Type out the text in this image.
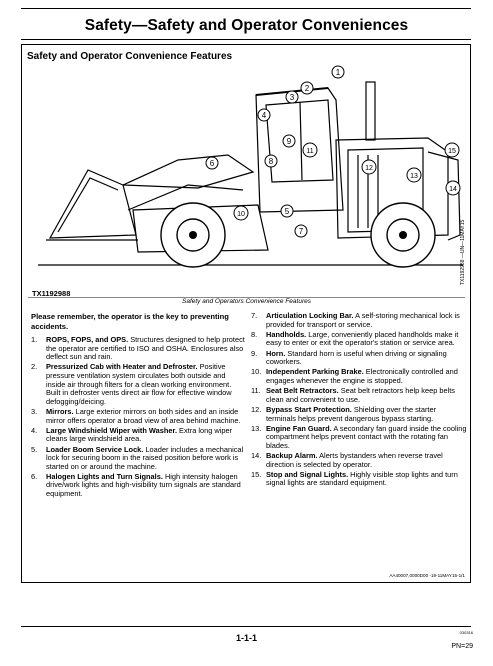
Safety—Safety and Operator Conveniences
Safety and Operator Convenience Features
1
2
3
4
5
6
7
8
9
10
11
12
13
14
15
TX1192988 —UN—11MAY15
TX1192988
Safety and Operators Convenience Features
Please remember, the operator is the key to preventing accidents.
1. ROPS, FOPS, and OPS. Structures designed to help protect the operator are certified to ISO and OSHA. Enclosures also deflect sun and rain.
2. Pressurized Cab with Heater and Defroster. Positive pressure ventilation system circulates both outside and inside air through filters for a clean working environment. Built in defroster vents direct air flow for effective window defogging/deicing.
3. Mirrors. Large exterior mirrors on both sides and an inside mirror offers operator a broad view of area behind machine.
4. Large Windshield Wiper with Washer. Extra long wiper cleans large windshield area.
5. Loader Boom Service Lock. Loader includes a mechanical lock for securing boom in the raised position before work is started on or around the machine.
6. Halogen Lights and Turn Signals. High intensity halogen drive/work lights and high-visibility turn signals are standard equipment.
7. Articulation Locking Bar. A self-storing mechanical lock is provided for transport or service.
8. Handholds. Large, conveniently placed handholds make it easy to enter or exit the operator's station or service area.
9. Horn. Standard horn is useful when driving or signaling coworkers.
10. Independent Parking Brake. Electronically controlled and engages whenever the engine is stopped.
11. Seat Belt Retractors. Seat belt retractors help keep belts clean and convenient to use.
12. Bypass Start Protection. Shielding over the starter terminals helps prevent dangerous bypass starting.
13. Engine Fan Guard. A secondary fan guard inside the cooling compartment helps prevent contact with the rotating fan blades.
14. Backup Alarm. Alerts bystanders when reverse travel direction is selected by operator.
15. Stop and Signal Lights. Highly visible stop lights and turn signal lights are standard equipment.
AA40007,0000D00 -19-11MAY15-1/1
1-1-1
030316
PN=29
